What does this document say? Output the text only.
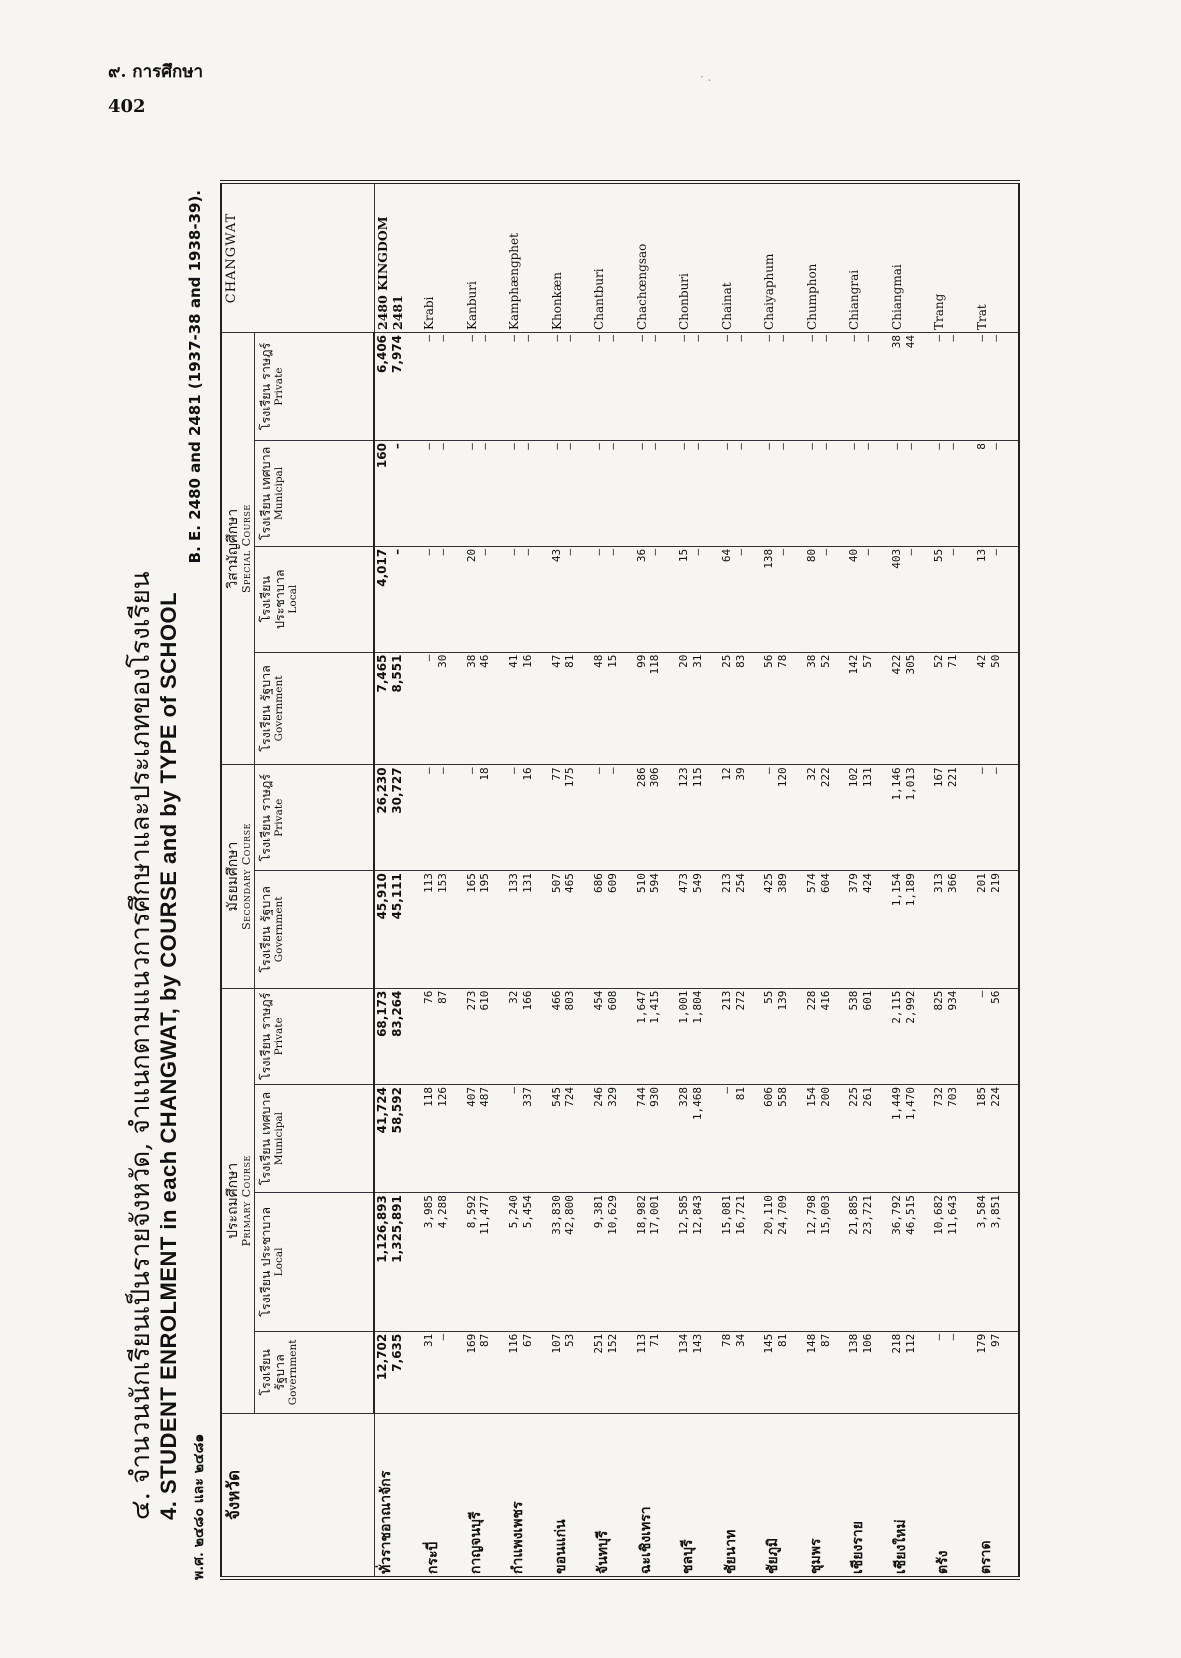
๙. การศึกษา
402
· .
๔. จำนวนนักเรียนเป็นรายจังหวัด, จำแนกตามแนวการศึกษาและประเภทของโรงเรียน 4. STUDENT ENROLMENT in each CHANGWAT, by COURSE and by TYPE of SCHOOL พ.ศ. ๒๔๘๐ และ ๒๔๘๑
B. E. 2480 and 2481 (1937-38 and 1938-39).
จังหวัด	ประถมศึกษา Primary Course				มัธยมศึกษา Secondary Course		วิสามัญศึกษา Special Course				CHANGWAT

	โรงเรียน รัฐบาล Government	โรงเรียน ประชาบาล Local	โรงเรียน เทศบาล Municipal	โรงเรียน ราษฎร์ Private	โรงเรียน รัฐบาล Government	โรงเรียน ราษฎร์ Private	โรงเรียน รัฐบาล Government	โรงเรียน ประชาบาล Local	โรงเรียน เทศบาล Municipal	โรงเรียน ราษฎร์ Private	

ทั่วราชอาณาจักร	12,702 7,635	1,126,893 1,325,891	41,724 58,592	68,173 83,264	45,910 45,111	26,230 30,727	7,465 8,551	4,017 –	160 –	6,406 7,974	2480 KINGDOM 2481

กระบี่	31 –	3,985 4,288	118 126	76 87	113 153	– –	– 30	– –	– –	– –	Krabi

กาญจนบุรี	169 87	8,592 11,477	407 487	273 610	165 195	– 18	38 46	20 –	– –	– –	Kanburi

กำแพงเพชร	116 67	5,240 5,454	– 337	32 166	133 131	– 16	41 16	– –	– –	– –	Kamphængphet

ขอนแก่น	107 53	33,830 42,800	545 724	466 803	507 465	77 175	47 81	43 –	– –	– –	Khonkæn

จันทบุรี	251 152	9,381 10,629	246 329	454 608	686 609	– –	48 15	– –	– –	– –	Chantburi

ฉะเชิงเทรา	113 71	18,982 17,001	744 930	1,647 1,415	510 594	286 306	99 118	36 –	– –	– –	Chachœngsao

ชลบุรี	134 143	12,585 12,843	328 1,468	1,001 1,804	473 549	123 115	20 31	15 –	– –	– –	Chonburi

ชัยนาท	78 34	15,081 16,721	– 81	213 272	213 254	12 39	25 83	64 –	– –	– –	Chainat

ชัยภูมิ	145 81	20,110 24,709	606 558	55 139	425 389	– 120	56 78	138 –	– –	– –	Chaiyaphum

ชุมพร	148 87	12,798 15,003	154 200	228 416	574 604	32 222	38 52	80 –	– –	– –	Chumphon

เชียงราย	138 106	21,885 23,721	225 261	538 601	379 424	102 131	142 57	40 –	– –	– –	Chiangrai

เชียงใหม่	218 112	36,792 46,515	1,449 1,470	2,115 2,992	1,154 1,189	1,146 1,013	422 305	403 –	– –	38 44	Chiangmai

ตรัง	– –	10,682 11,643	732 703	825 934	313 366	167 221	52 71	55 –	– –	– –	Trang

ตราด	179 97	3,584 3,851	185 224	– 56	201 219	– –	42 50	13 –	8 –	– –	Trat
